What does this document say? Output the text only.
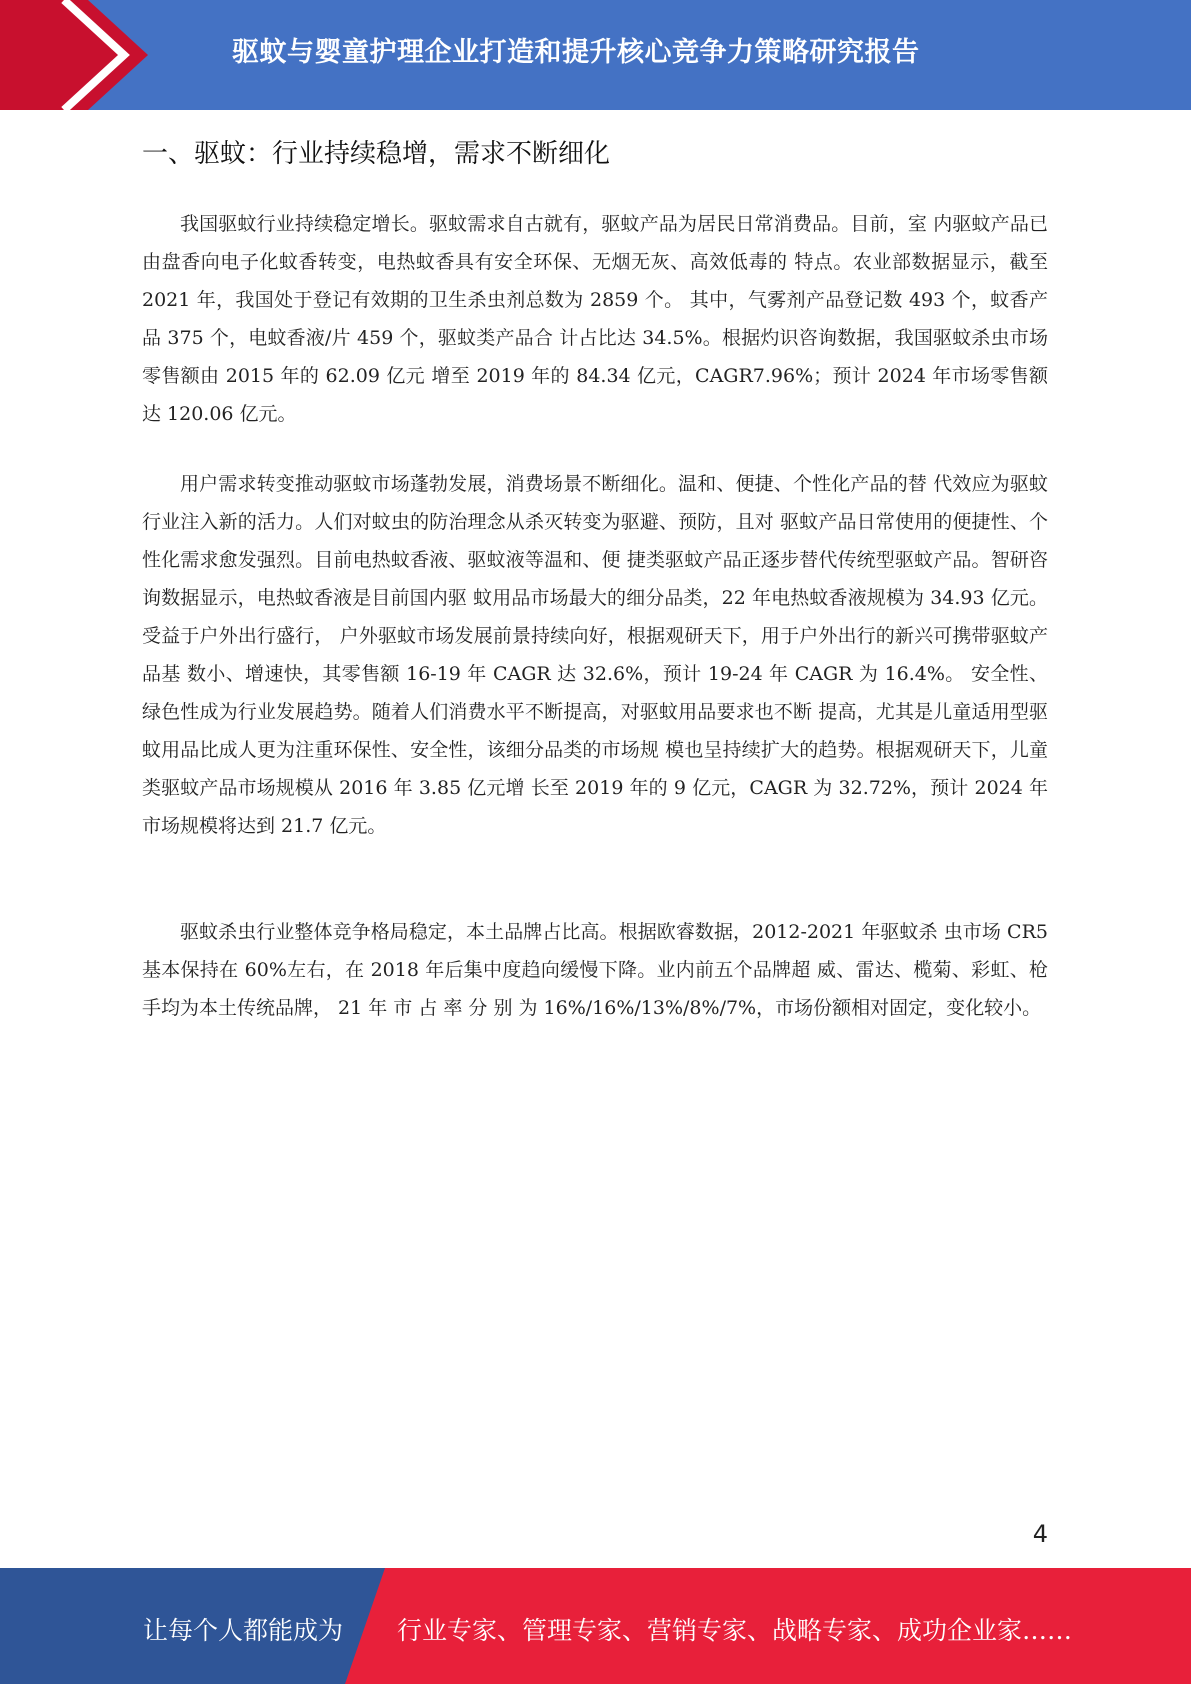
驱蚊与婴童护理企业打造和提升核心竞争力策略研究报告
一、驱蚊：行业持续稳增，需求不断细化

我国驱蚊行业持续稳定增长。驱蚊需求自古就有，驱蚊产品为居民日常消费品。目前，室 内驱蚊产品已由盘香向电子化蚊香转变，电热蚊香具有安全环保、无烟无灰、高效低毒的 特点。农业部数据显示，截至 2021 年，我国处于登记有效期的卫生杀虫剂总数为 2859 个。 其中，气雾剂产品登记数 493 个，蚊香产品 375 个，电蚊香液/片 459 个，驱蚊类产品合 计占比达 34.5%。根据灼识咨询数据，我国驱蚊杀虫市场零售额由 2015 年的 62.09 亿元 增至 2019 年的 84.34 亿元，CAGR7.96%；预计 2024 年市场零售额达 120.06 亿元。

用户需求转变推动驱蚊市场蓬勃发展，消费场景不断细化。温和、便捷、个性化产品的替 代效应为驱蚊行业注入新的活力。人们对蚊虫的防治理念从杀灭转变为驱避、预防，且对 驱蚊产品日常使用的便捷性、个性化需求愈发强烈。目前电热蚊香液、驱蚊液等温和、便 捷类驱蚊产品正逐步替代传统型驱蚊产品。智研咨询数据显示，电热蚊香液是目前国内驱 蚊用品市场最大的细分品类，22 年电热蚊香液规模为 34.93 亿元。受益于户外出行盛行， 户外驱蚊市场发展前景持续向好，根据观研天下，用于户外出行的新兴可携带驱蚊产品基 数小、增速快，其零售额 16-19 年 CAGR 达 32.6%，预计 19-24 年 CAGR 为 16.4%。 安全性、绿色性成为行业发展趋势。随着人们消费水平不断提高，对驱蚊用品要求也不断 提高，尤其是儿童适用型驱蚊用品比成人更为注重环保性、安全性，该细分品类的市场规 模也呈持续扩大的趋势。根据观研天下，儿童类驱蚊产品市场规模从 2016 年 3.85 亿元增 长至 2019 年的 9 亿元，CAGR 为 32.72%，预计 2024 年市场规模将达到 21.7 亿元。

驱蚊杀虫行业整体竞争格局稳定，本土品牌占比高。根据欧睿数据，2012-2021 年驱蚊杀 虫市场 CR5 基本保持在 60%左右，在 2018 年后集中度趋向缓慢下降。业内前五个品牌超 威、雷达、榄菊、彩虹、枪手均为本土传统品牌， 21 年 市 占 率 分 别 为 16%/16%/13%/8%/7%，市场份额相对固定，变化较小。

4
让每个人都能成为 行业专家、管理专家、营销专家、战略专家、成功企业家……
